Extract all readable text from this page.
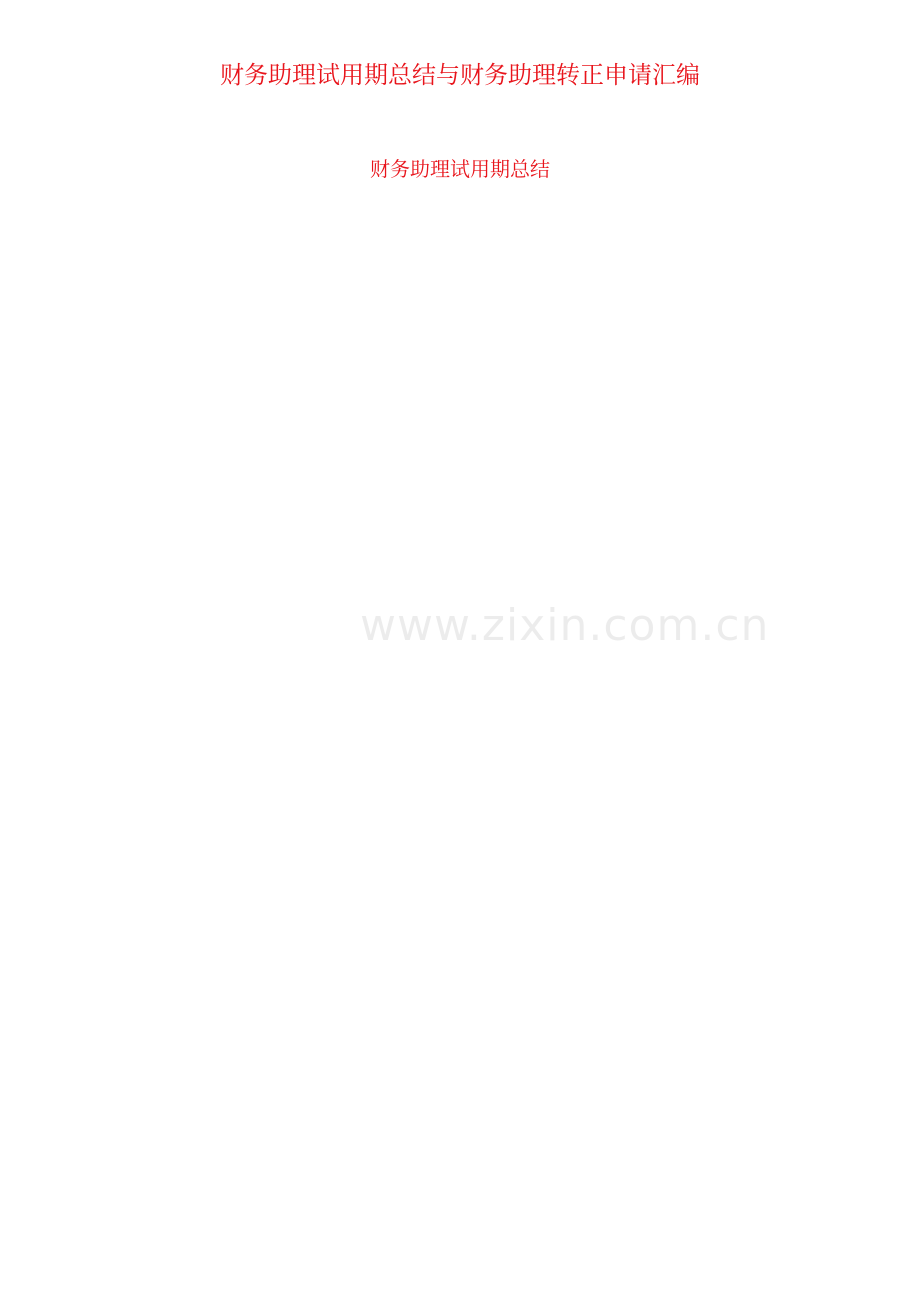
财务助理试用期总结与财务助理转正申请汇编
财务助理试用期总结
www.zixin.com.cn
